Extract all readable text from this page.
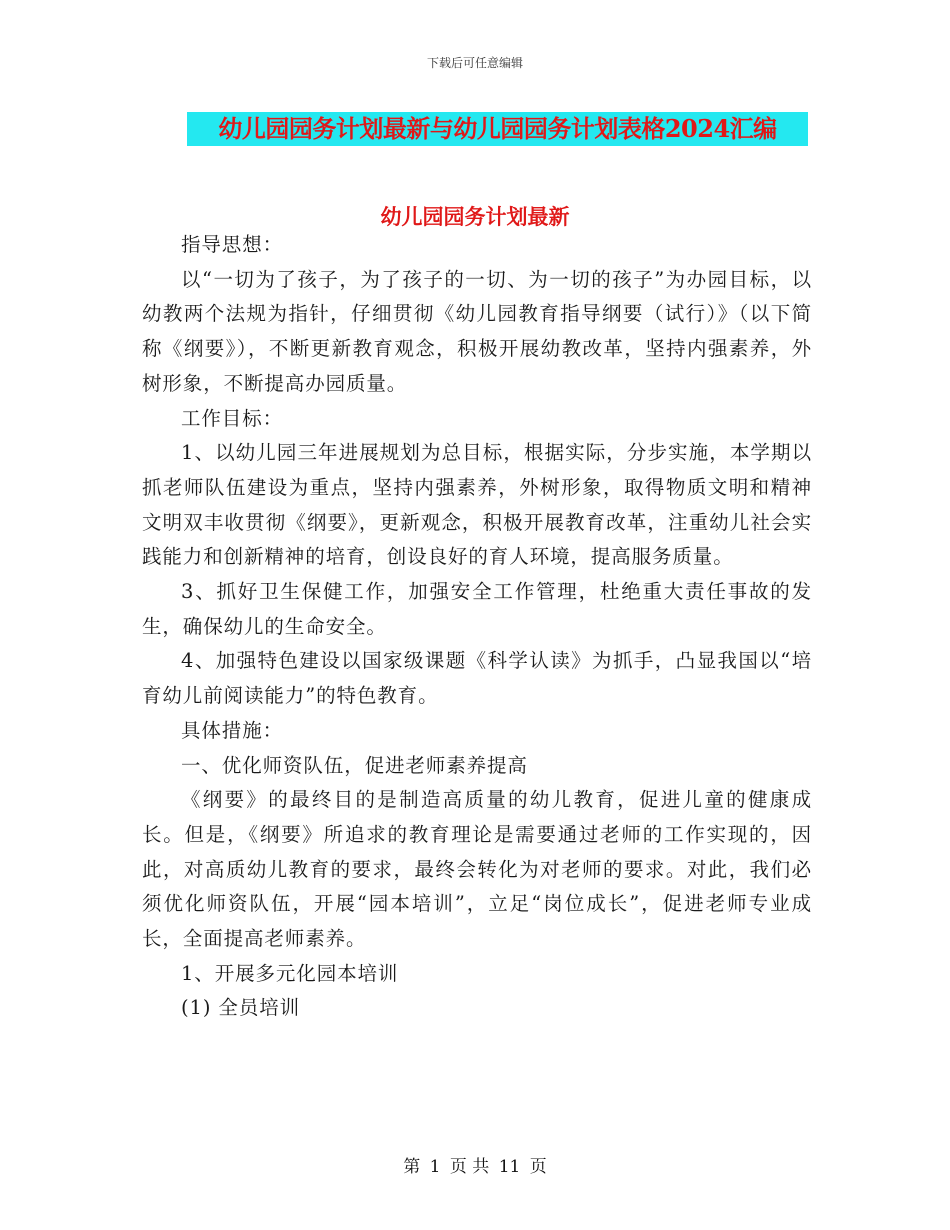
下载后可任意编辑
幼儿园园务计划最新与幼儿园园务计划表格2024汇编
幼儿园园务计划最新

指导思想：

以“一切为了孩子，为了孩子的一切、为一切的孩子”为办园目标，以幼教两个法规为指针，仔细贯彻《幼儿园教育指导纲要（试行）》（以下简称《纲要》），不断更新教育观念，积极开展幼教改革，坚持内强素养，外树形象，不断提高办园质量。

工作目标：

1、以幼儿园三年进展规划为总目标，根据实际，分步实施，本学期以抓老师队伍建设为重点，坚持内强素养，外树形象，取得物质文明和精神文明双丰收贯彻《纲要》，更新观念，积极开展教育改革，注重幼儿社会实践能力和创新精神的培育，创设良好的育人环境，提高服务质量。

3、抓好卫生保健工作，加强安全工作管理，杜绝重大责任事故的发生，确保幼儿的生命安全。

4、加强特色建设以国家级课题《科学认读》为抓手，凸显我国以“培育幼儿前阅读能力”的特色教育。

具体措施：

一、优化师资队伍，促进老师素养提高

《纲要》的最终目的是制造高质量的幼儿教育，促进儿童的健康成长。但是，《纲要》所追求的教育理论是需要通过老师的工作实现的，因此，对高质幼儿教育的要求，最终会转化为对老师的要求。对此，我们必须优化师资队伍，开展“园本培训”，立足“岗位成长”，促进老师专业成长，全面提高老师素养。

1、开展多元化园本培训

(1) 全员培训

第 1 页 共 11 页
